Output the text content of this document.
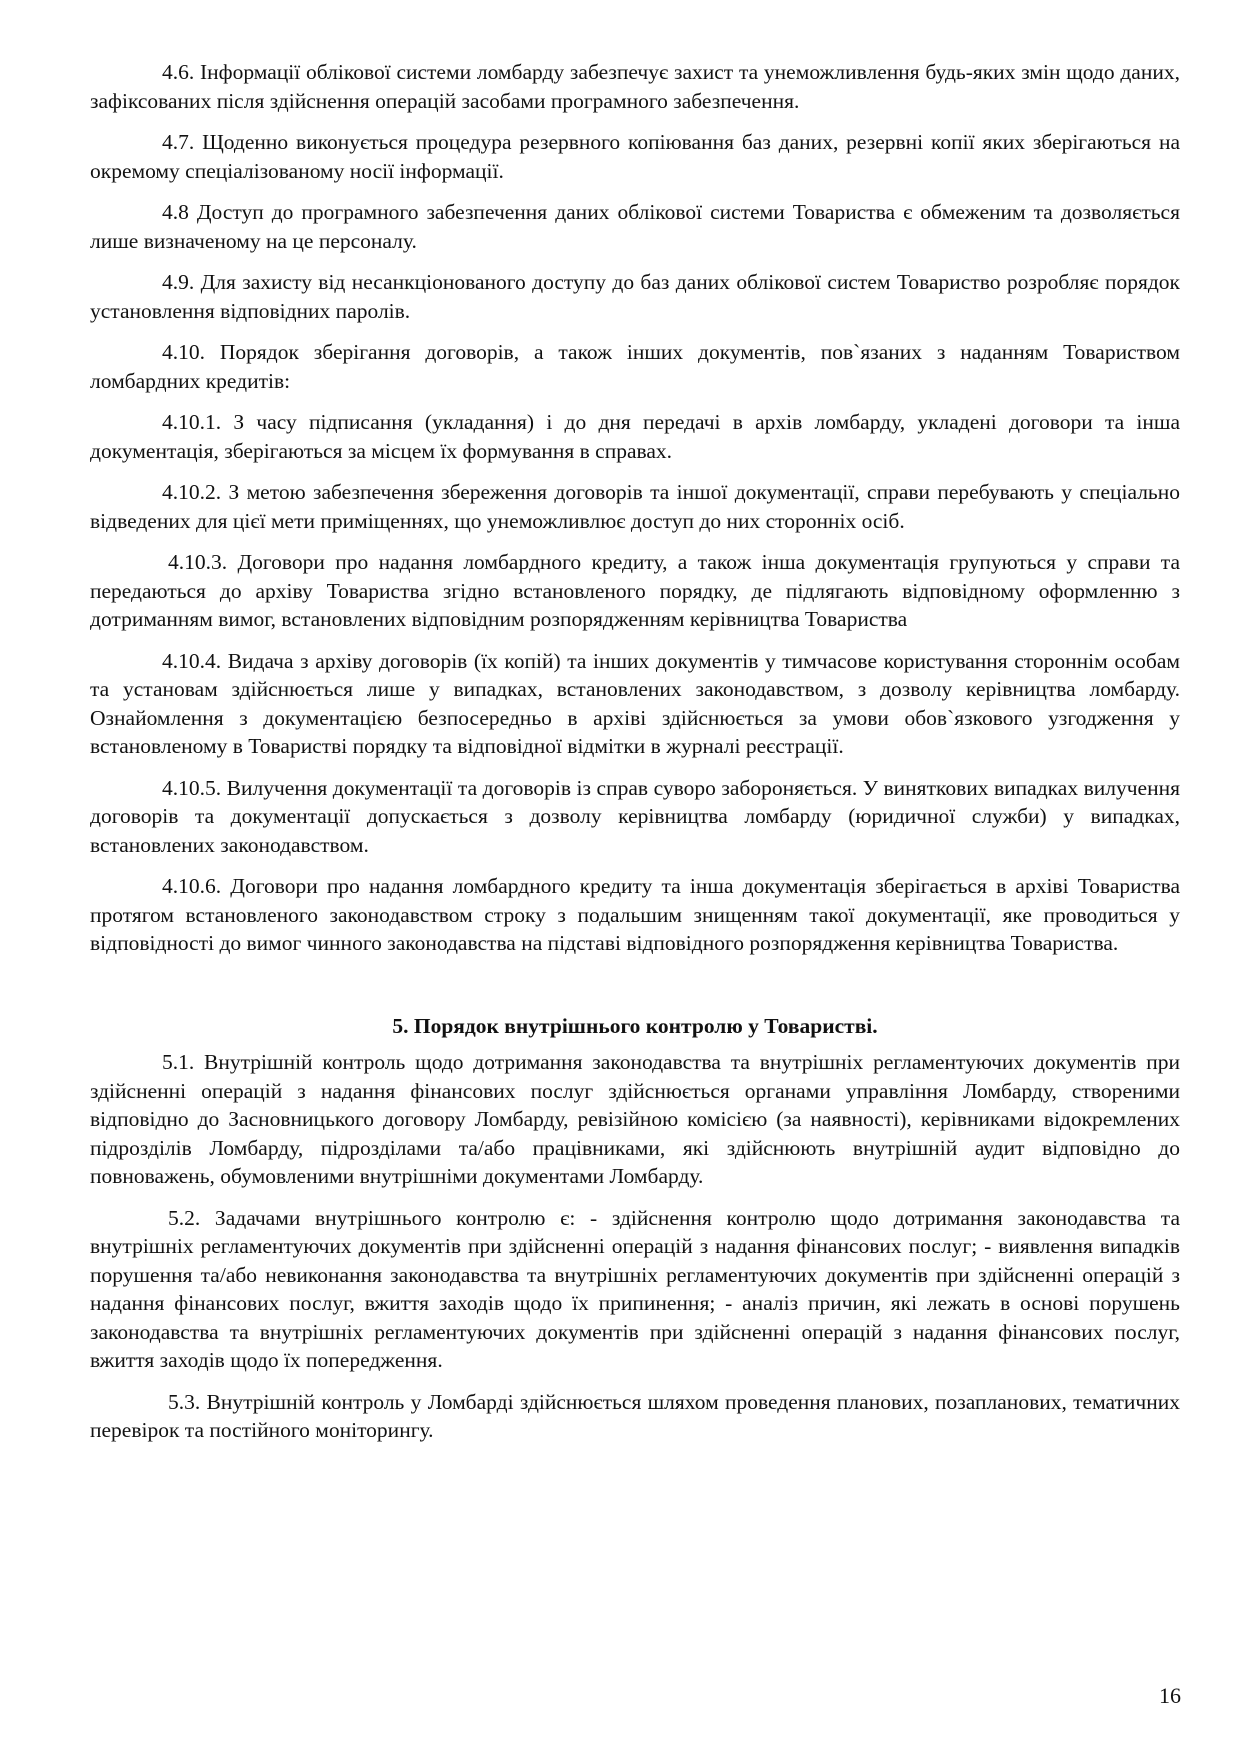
4.6. Інформації облікової системи ломбарду забезпечує захист та унеможливлення будь-яких змін щодо даних, зафіксованих після здійснення операцій засобами програмного забезпечення.

4.7. Щоденно виконується процедура резервного копіювання баз даних, резервні копії яких зберігаються на окремому спеціалізованому носії інформації.

4.8 Доступ до програмного забезпечення даних облікової системи Товариства є обмеженим та дозволяється лише визначеному на це персоналу.

4.9. Для захисту від несанкціонованого доступу до баз даних облікової систем Товариство розробляє порядок установлення відповідних паролів.

4.10. Порядок зберігання договорів, а також інших документів, пов`язаних з наданням Товариством ломбардних кредитів:

4.10.1. З часу підписання (укладання) і до дня передачі в архів ломбарду, укладені договори та інша документація, зберігаються за місцем їх формування в справах.

4.10.2. З метою забезпечення збереження договорів та іншої документації, справи перебувають у спеціально відведених для цієї мети приміщеннях, що унеможливлює доступ до них сторонніх осіб.

4.10.3. Договори про надання ломбардного кредиту, а також інша документація групуються у справи та передаються до архіву Товариства згідно встановленого порядку, де підлягають відповідному оформленню з дотриманням вимог, встановлених відповідним розпорядженням керівництва Товариства

4.10.4. Видача з архіву договорів (їх копій) та інших документів у тимчасове користування стороннім особам та установам здійснюється лише у випадках, встановлених законодавством, з дозволу керівництва ломбарду. Ознайомлення з документацією безпосередньо в архіві здійснюється за умови обов`язкового узгодження у встановленому в Товаристві порядку та відповідної відмітки в журналі реєстрації.

4.10.5. Вилучення документації та договорів із справ суворо забороняється. У виняткових випадках вилучення договорів та документації допускається з дозволу керівництва ломбарду (юридичної служби) у випадках, встановлених законодавством.

4.10.6. Договори про надання ломбардного кредиту та інша документація зберігається в архіві Товариства протягом встановленого законодавством строку з подальшим знищенням такої документації, яке проводиться у відповідності до вимог чинного законодавства на підставі відповідного розпорядження керівництва Товариства.

5. Порядок внутрішнього контролю у Товаристві.

5.1. Внутрішній контроль щодо дотримання законодавства та внутрішніх регламентуючих документів при здійсненні операцій з надання фінансових послуг здійснюється органами управління Ломбарду, створеними відповідно до Засновницького договору Ломбарду, ревізійною комісією (за наявності), керівниками відокремлених підрозділів Ломбарду, підрозділами та/або працівниками, які здійснюють внутрішній аудит відповідно до повноважень, обумовленими внутрішніми документами Ломбарду.

5.2. Задачами внутрішнього контролю є: - здійснення контролю щодо дотримання законодавства та внутрішніх регламентуючих документів при здійсненні операцій з надання фінансових послуг; - виявлення випадків порушення та/або невиконання законодавства та внутрішніх регламентуючих документів при здійсненні операцій з надання фінансових послуг, вжиття заходів щодо їх припинення; - аналіз причин, які лежать в основі порушень законодавства та внутрішніх регламентуючих документів при здійсненні операцій з надання фінансових послуг, вжиття заходів щодо їх попередження.

5.3. Внутрішній контроль у Ломбарді здійснюється шляхом проведення планових, позапланових, тематичних перевірок та постійного моніторингу.

16
